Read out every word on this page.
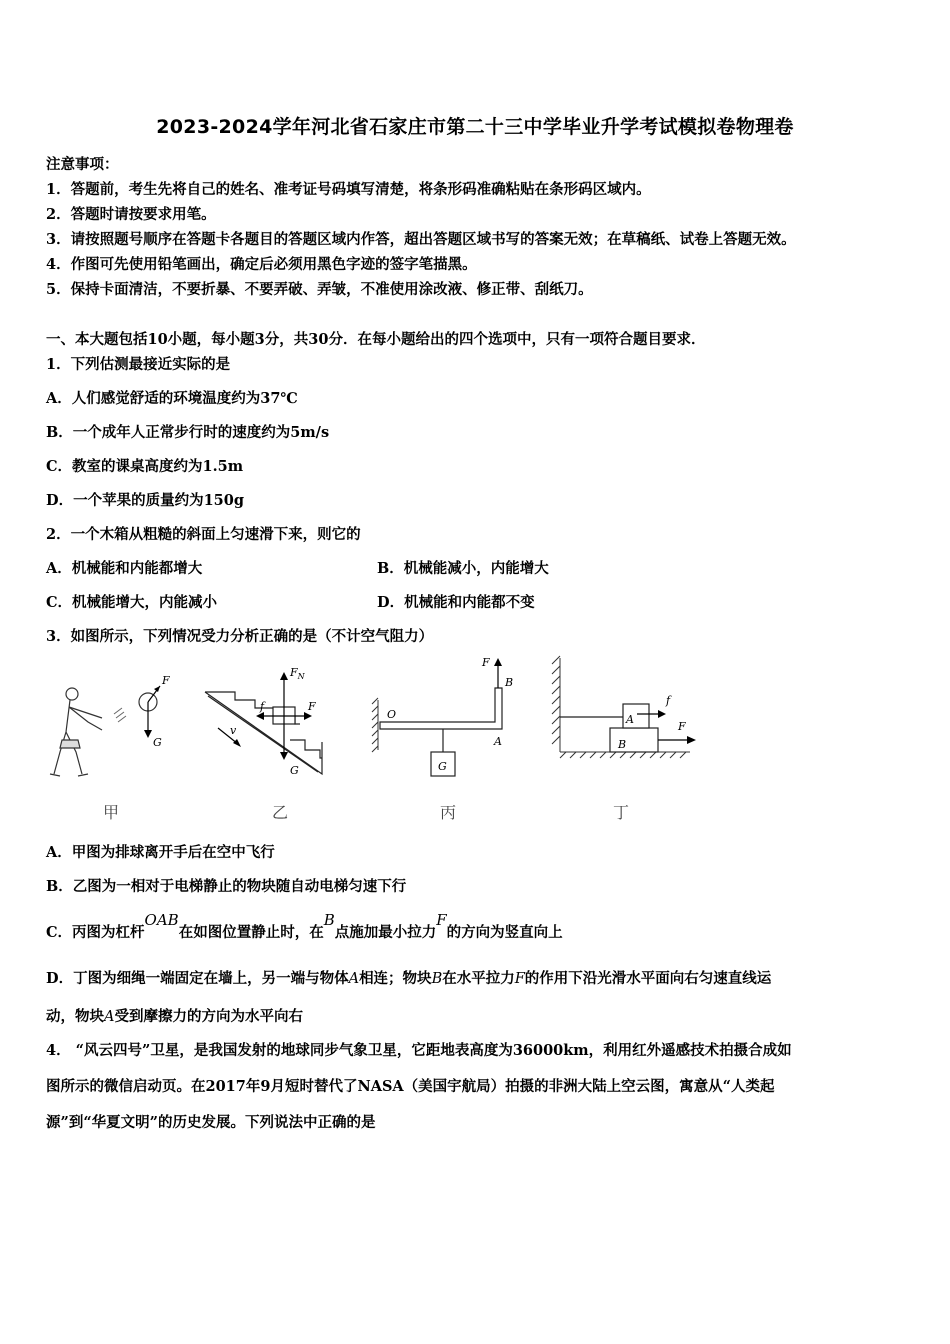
2023-2024学年河北省石家庄市第二十三中学毕业升学考试模拟卷物理卷
注意事项：
1．答题前，考生先将自己的姓名、准考证号码填写清楚，将条形码准确粘贴在条形码区域内。
2．答题时请按要求用笔。
3．请按照题号顺序在答题卡各题目的答题区域内作答，超出答题区域书写的答案无效；在草稿纸、试卷上答题无效。
4．作图可先使用铅笔画出，确定后必须用黑色字迹的签字笔描黑。
5．保持卡面清洁，不要折暴、不要弄破、弄皱，不准使用涂改液、修正带、刮纸刀。
一、本大题包括10小题，每小题3分，共30分．在每小题给出的四个选项中，只有一项符合题目要求．
1．下列估测最接近实际的是
A．人们感觉舒适的环境温度约为37℃
B．一个成年人正常步行时的速度约为5m/s
C．教室的课桌高度约为1.5m
D．一个苹果的质量约为150g
2．一个木箱从粗糙的斜面上匀速滑下来，则它的
A．机械能和内能都增大	B．机械能减小，内能增大
C．机械能增大，内能减小	D．机械能和内能都不变
3．如图所示，下列情况受力分析正确的是（不计空气阻力）
F
G
$F_N$
f	F
G
v
O
G
F
B
A	B
A
f
F
甲	乙	丙	丁
A．甲图为排球离开手后在空中飞行
B．乙图为一相对于电梯静止的物块随自动电梯匀速下行
C．丙图为杠杆OAB在如图位置静止时，在B点施加最小拉力F的方向为竖直向上
D．丁图为细绳一端固定在墙上，另一端与物体A相连；物块B在水平拉力F的作用下沿光滑水平面向右匀速直线运
动，物块A受到摩擦力的方向为水平向右
4． “风云四号”卫星，是我国发射的地球同步气象卫星，它距地表高度为36000km，利用红外遥感技术拍摄合成如
图所示的微信启动页。在2017年9月短时替代了NASA（美国宇航局）拍摄的非洲大陆上空云图，寓意从“人类起
源”到“华夏文明”的历史发展。下列说法中正确的是
